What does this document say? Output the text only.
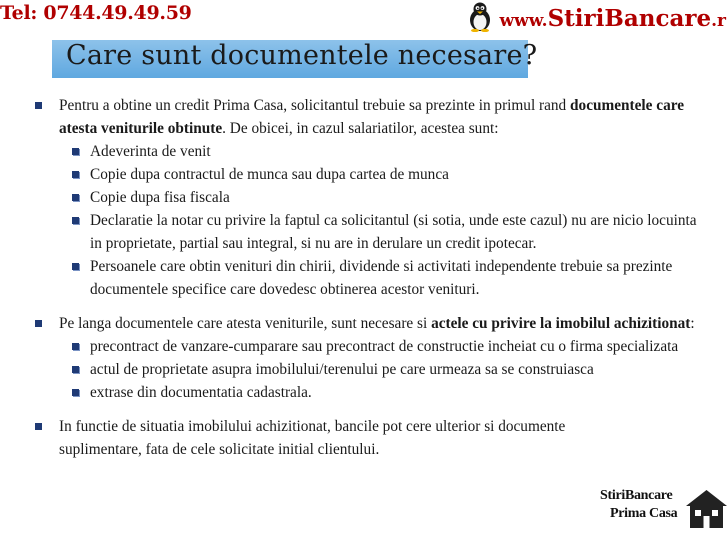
Tel: 0744.49.49.59	www.StiriBancare.r
Care sunt documentele necesare?
Pentru a obtine un credit Prima Casa, solicitantul trebuie sa prezinte in primul rand documentele care atesta veniturile obtinute. De obicei, in cazul salariatilor, acestea sunt:
Adeverinta de venit
Copie dupa contractul de munca sau dupa cartea de munca
Copie dupa fisa fiscala
Declaratie la notar cu privire la faptul ca solicitantul (si sotia, unde este cazul) nu are nicio locuinta in proprietate, partial sau integral, si nu are in derulare un credit ipotecar.
Persoanele care obtin venituri din chirii, dividende si activitati independente trebuie sa prezinte documentele specifice care dovedesc obtinerea acestor venituri.
Pe langa documentele care atesta veniturile, sunt necesare si actele cu privire la imobilul achizitionat:
precontract de vanzare-cumparare sau precontract de constructie incheiat cu o firma specializata
actul de proprietate asupra imobilului/terenului pe care urmeaza sa se construiasca
extrase din documentatia cadastrala.
In functie de situatia imobilului achizitionat, bancile pot cere ulterior si documente suplimentare, fata de cele solicitate initial clientului.
StiriBancare
Prima Casa
